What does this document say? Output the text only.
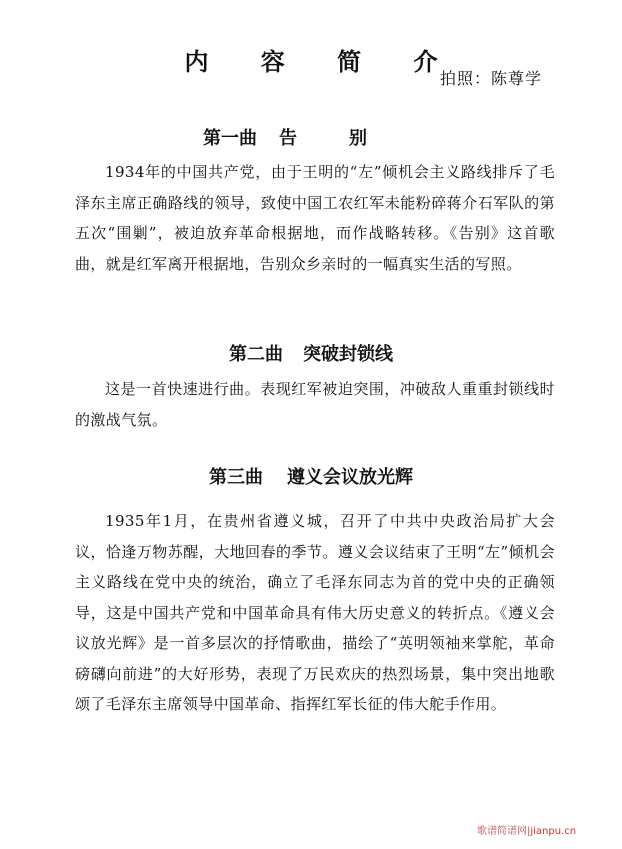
内 容 简 介
拍照：陈尊学
第一曲 告别

1934年的中国共产党，由于王明的“左”倾机会主义路线排斥了毛泽东主席正确路线的领导，致使中国工农红军未能粉碎蒋介石军队的第五次“围剿”，被迫放弃革命根据地，而作战略转移。《告别》这首歌曲，就是红军离开根据地，告别众乡亲时的一幅真实生活的写照。

第二曲 突破封锁线

这是一首快速进行曲。表现红军被迫突围，冲破敌人重重封锁线时的激战气氛。

第三曲 遵义会议放光辉

1935年1月，在贵州省遵义城，召开了中共中央政治局扩大会议，恰逢万物苏醒，大地回春的季节。遵义会议结束了王明“左”倾机会主义路线在党中央的统治，确立了毛泽东同志为首的党中央的正确领导，这是中国共产党和中国革命具有伟大历史意义的转折点。《遵义会议放光辉》是一首多层次的抒情歌曲，描绘了“英明领袖来掌舵，革命磅礴向前进”的大好形势，表现了万民欢庆的热烈场景，集中突出地歌颂了毛泽东主席领导中国革命、指挥红军长征的伟大舵手作用。

歌谱简谱网|jianpu.cn
